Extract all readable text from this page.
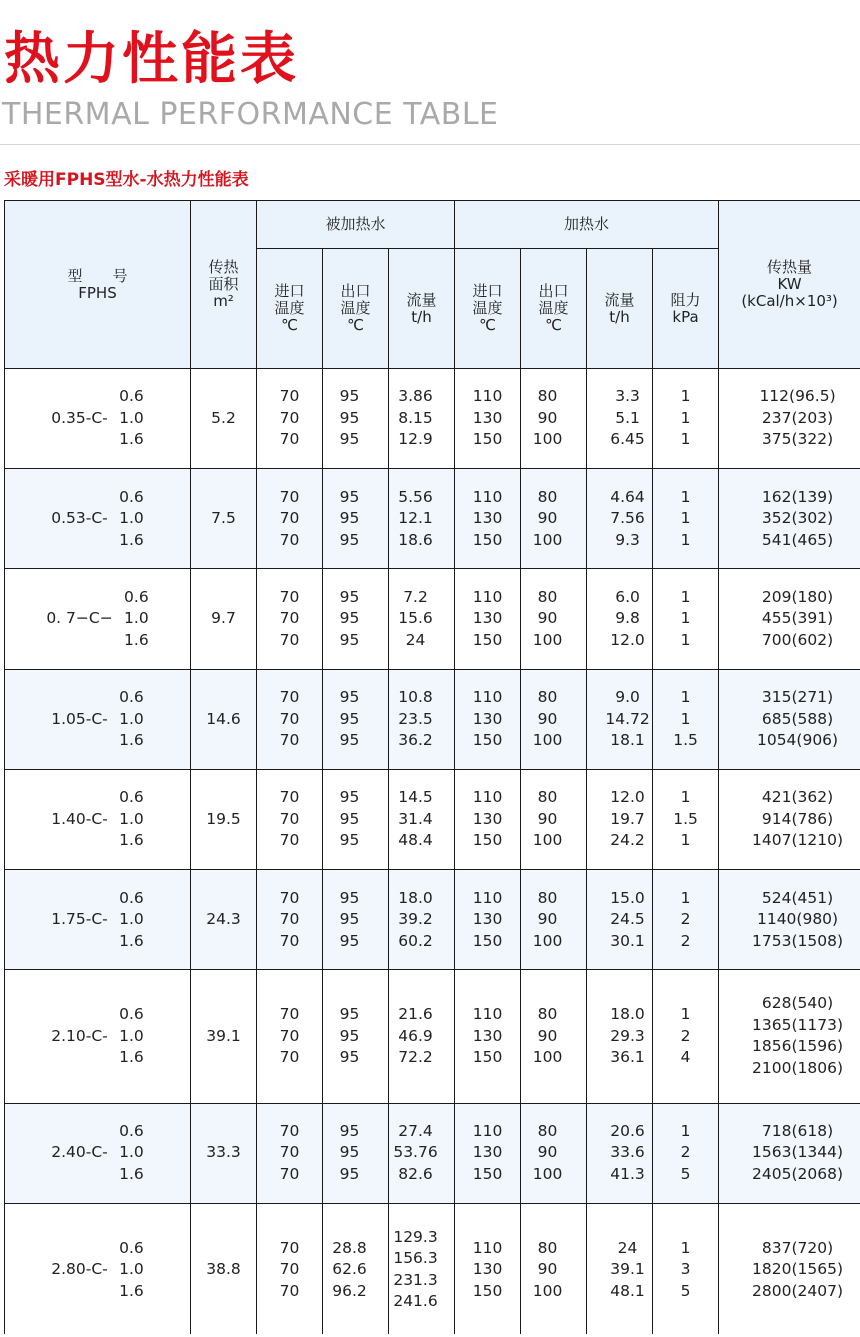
热力性能表
THERMAL PERFORMANCE TABLE
采暖用FPHS型水-水热力性能表
型　　号
FPHS	传热
面积
m²	被加热水			加热水				传热量
KW
(kCal/h×10³)

		进口
温度
℃	出口
温度
℃	流量
t/h	进口
温度
℃	出口
温度
℃	流量
t/h	阻力
kPa	

0.35-C-
0.6
1.0
1.6	5.2	70
70
70	95
95
95	3.86
8.15
12.9	110
130
150	80
90
100	3.3
5.1
6.45	1
1
1	112(96.5)
237(203)
375(322)

0.53-C-
0.6
1.0
1.6	7.5	70
70
70	95
95
95	5.56
12.1
18.6	110
130
150	80
90
100	4.64
7.56
9.3	1
1
1	162(139)
352(302)
541(465)

0. 7−C−
0.6
1.0
1.6	9.7	70
70
70	95
95
95	7.2
15.6
24	110
130
150	80
90
100	6.0
9.8
12.0	1
1
1	209(180)
455(391)
700(602)

1.05-C-
0.6
1.0
1.6	14.6	70
70
70	95
95
95	10.8
23.5
36.2	110
130
150	80
90
100	9.0
14.72
18.1	1
1
1.5	315(271)
685(588)
1054(906)

1.40-C-
0.6
1.0
1.6	19.5	70
70
70	95
95
95	14.5
31.4
48.4	110
130
150	80
90
100	12.0
19.7
24.2	1
1.5
1	421(362)
914(786)
1407(1210)

1.75-C-
0.6
1.0
1.6	24.3	70
70
70	95
95
95	18.0
39.2
60.2	110
130
150	80
90
100	15.0
24.5
30.1	1
2
2	524(451)
1140(980)
1753(1508)

2.10-C-
0.6
1.0
1.6	39.1	70
70
70	95
95
95	21.6
46.9
72.2	110
130
150	80
90
100	18.0
29.3
36.1	1
2
4	628(540)
1365(1173)
1856(1596)
2100(1806)

2.40-C-
0.6
1.0
1.6	33.3	70
70
70	95
95
95	27.4
53.76
82.6	110
130
150	80
90
100	20.6
33.6
41.3	1
2
5	718(618)
1563(1344)
2405(2068)

2.80-C-
0.6
1.0
1.6	38.8	70
70
70	28.8
62.6
96.2	129.3
156.3
231.3
241.6	110
130
150	80
90
100	24
39.1
48.1	1
3
5	837(720)
1820(1565)
2800(2407)
